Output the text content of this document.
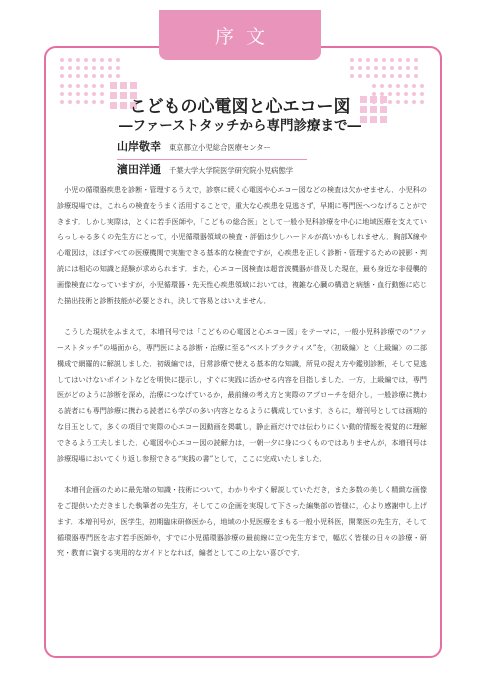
序文
こどもの心電図と心エコー図
―ファーストタッチから専門診療まで―
山岸敬幸 東京都立小児総合医療センター
濱田洋通 千葉大学大学院医学研究院小児病態学

小児の循環器疾患を診断・管理するうえで，診察に続く心電図や心エコー図などの検査は欠かせません．小児科の診療現場では，これらの検査をうまく活用することで，重大な心疾患を見逃さず，早期に専門医へつなげることができます．しかし実際は，とくに若手医師や，「こどもの総合医」として一般小児科診療を中心に地域医療を支えていらっしゃる多くの先生方にとって，小児循環器領域の検査・評価は少しハードルが高いかもしれません．胸部X線や心電図は，ほぼすべての医療機関で実施できる基本的な検査ですが，心疾患を正しく診断・管理するための読影・判読には相応の知識と経験が求められます．また，心エコー図検査は超音波機器が普及した現在，最も身近な非侵襲的画像検査になっていますが，小児循環器・先天性心疾患領域においては，複雑な心臓の構造と病態・血行動態に応じた描出技術と診断技能が必要とされ，決して容易とはいえません．

こうした現状をふまえて，本増刊号では「こどもの心電図と心エコー図」をテーマに，一般小児科診療での“ファーストタッチ”の場面から，専門医による診断・治療に至る“ベストプラクティス”を，〈初級編〉と〈上級編〉の二部構成で網羅的に解説しました．初級編では，日常診療で使える基本的な知識，所見の捉え方や鑑別診断，そして見逃してはいけないポイントなどを明快に提示し，すぐに実践に活かせる内容を目指しました．一方，上級編では，専門医がどのように診断を深め，治療につなげているか，最前線の考え方と実際のアプローチを紹介し，一般診療に携わる読者にも専門診療に携わる読者にも学びの多い内容となるように構成しています．さらに，増刊号としては画期的な目玉として，多くの項目で実際の心エコー図動画を掲載し，静止画だけでは伝わりにくい動的情報を視覚的に理解できるよう工夫しました．心電図や心エコー図の読解力は，一朝一夕に身につくものではありませんが，本増刊号は診療現場においてくり返し参照できる“実践の書”として，ここに完成いたしました．

本増刊企画のために最先端の知識・技術について，わかりやすく解説していただき，また多数の美しく精緻な画像をご提供いただきました執筆者の先生方，そしてこの企画を実現して下さった編集部の皆様に，心より感謝申し上げます．本増刊号が，医学生，初期臨床研修医から，地域の小児医療をまもる一般小児科医，開業医の先生方，そして循環器専門医を志す若手医師や，すでに小児循環器診療の最前線に立つ先生方まで，幅広く皆様の日々の診療・研究・教育に資する実用的なガイドとなれば，編者としてこの上ない喜びです．
